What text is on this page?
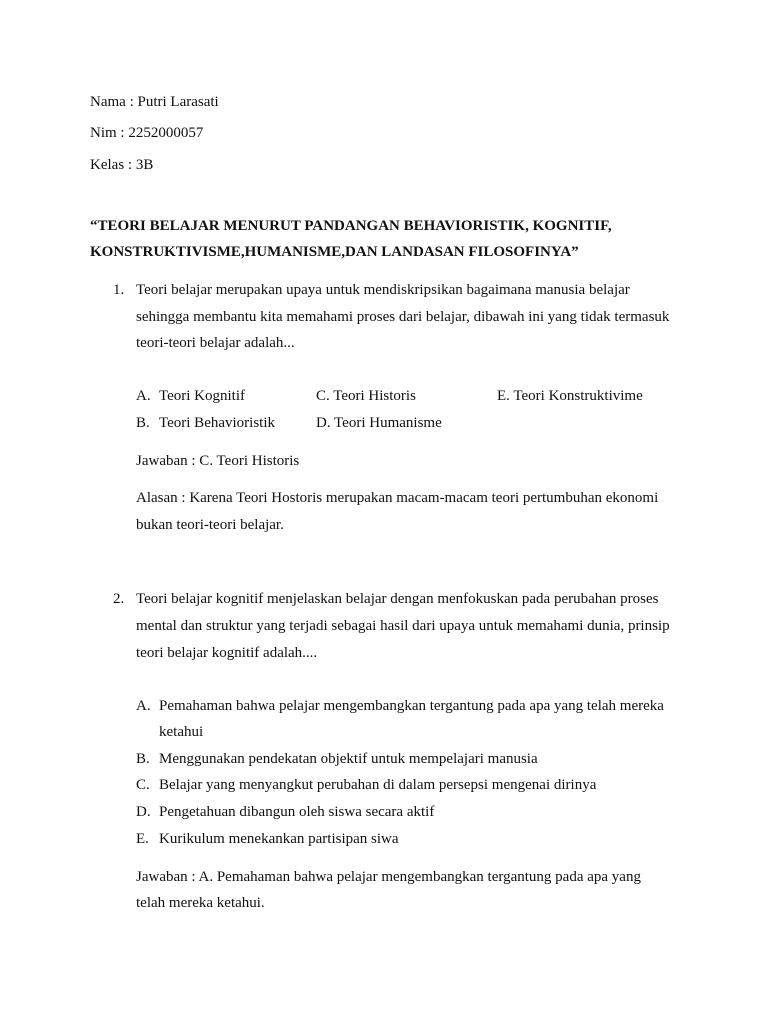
Nama : Putri Larasati
Nim : 2252000057
Kelas : 3B
“TEORI BELAJAR MENURUT PANDANGAN BEHAVIORISTIK, KOGNITIF,
KONSTRUKTIVISME,HUMANISME,DAN LANDASAN FILOSOFINYA”
1. Teori belajar merupakan upaya untuk mendiskripsikan bagaimana manusia belajar
sehingga membantu kita memahami proses dari belajar, dibawah ini yang tidak termasuk
teori-teori belajar adalah...
A. Teori Kognitif
B. Teori Behavioristik
C. Teori Historis
D. Teori Humanisme
E. Teori Konstruktivime
Jawaban : C. Teori Historis
Alasan : Karena Teori Hostoris merupakan macam-macam teori pertumbuhan ekonomi
bukan teori-teori belajar.
2. Teori belajar kognitif menjelaskan belajar dengan menfokuskan pada perubahan proses
mental dan struktur yang terjadi sebagai hasil dari upaya untuk memahami dunia, prinsip
teori belajar kognitif adalah....
A. Pemahaman bahwa pelajar mengembangkan tergantung pada apa yang telah mereka
ketahui
B. Menggunakan pendekatan objektif untuk mempelajari manusia
C. Belajar yang menyangkut perubahan di dalam persepsi mengenai dirinya
D. Pengetahuan dibangun oleh siswa secara aktif
E. Kurikulum menekankan partisipan siwa
Jawaban : A. Pemahaman bahwa pelajar mengembangkan tergantung pada apa yang
telah mereka ketahui.
